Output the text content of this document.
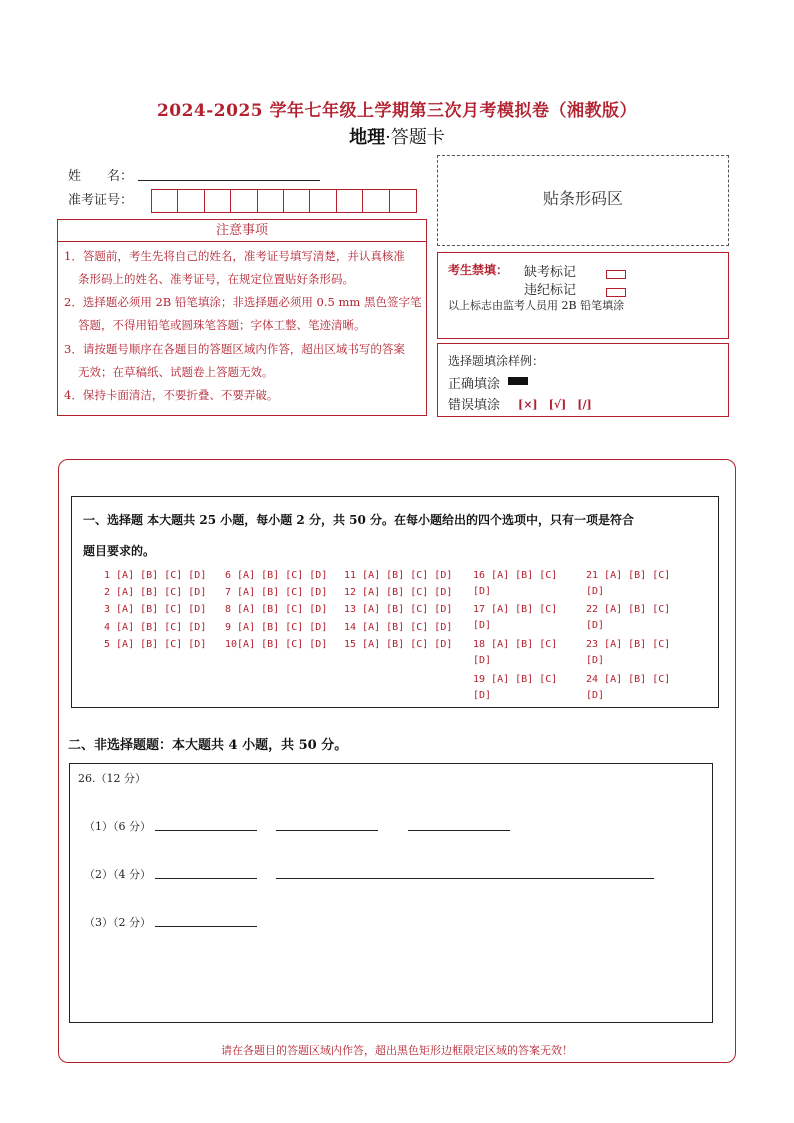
2024-2025 学年七年级上学期第三次月考模拟卷（湘教版）
地理·答题卡
姓　　名：
准考证号：	贴条形码区
注意事项

1．答题前，考生先将自己的姓名，准考证号填写清楚，并认真核准

条形码上的姓名、准考证号，在规定位置贴好条形码。

2．选择题必须用 2B 铅笔填涂；非选择题必须用 0.5 mm 黑色签字笔

答题，不得用铅笔或圆珠笔答题；字体工整、笔迹清晰。

3．请按题号顺序在各题目的答题区域内作答，超出区域书写的答案

无效；在草稿纸、试题卷上答题无效。

4．保持卡面清洁，不要折叠、不要弄破。

考生禁填： 缺考标记
违纪标记
以上标志由监考人员用 2B 铅笔填涂
选择题填涂样例：
正确填涂
错误填涂 [×]　[√]　[/]
一、选择题 本大题共 25 小题，每小题 2 分，共 50 分。在每小题给出的四个选项中，只有一项是符合
题目要求的。
1 [A] [B] [C] [D]
2 [A] [B] [C] [D]
3 [A] [B] [C] [D]
4 [A] [B] [C] [D]
5 [A] [B] [C] [D]
6 [A] [B] [C] [D]
7 [A] [B] [C] [D]
8 [A] [B] [C] [D]
9 [A] [B] [C] [D]
10[A] [B] [C] [D]
11 [A] [B] [C] [D]
12 [A] [B] [C] [D]
13 [A] [B] [C] [D]
14 [A] [B] [C] [D]
15 [A] [B] [C] [D]
16 [A] [B] [C]
[D]
17 [A] [B] [C]
[D]
18 [A] [B] [C]
[D]
19 [A] [B] [C]
[D]
21 [A] [B] [C]
[D]
22 [A] [B] [C]
[D]
23 [A] [B] [C]
[D]
24 [A] [B] [C]
[D]
二、非选择题题：本大题共 4 小题，共 50 分。
26.（12 分）
（1）（6 分）
（2）（4 分）
（3）（2 分）
请在各题目的答题区域内作答，超出黑色矩形边框限定区域的答案无效！
